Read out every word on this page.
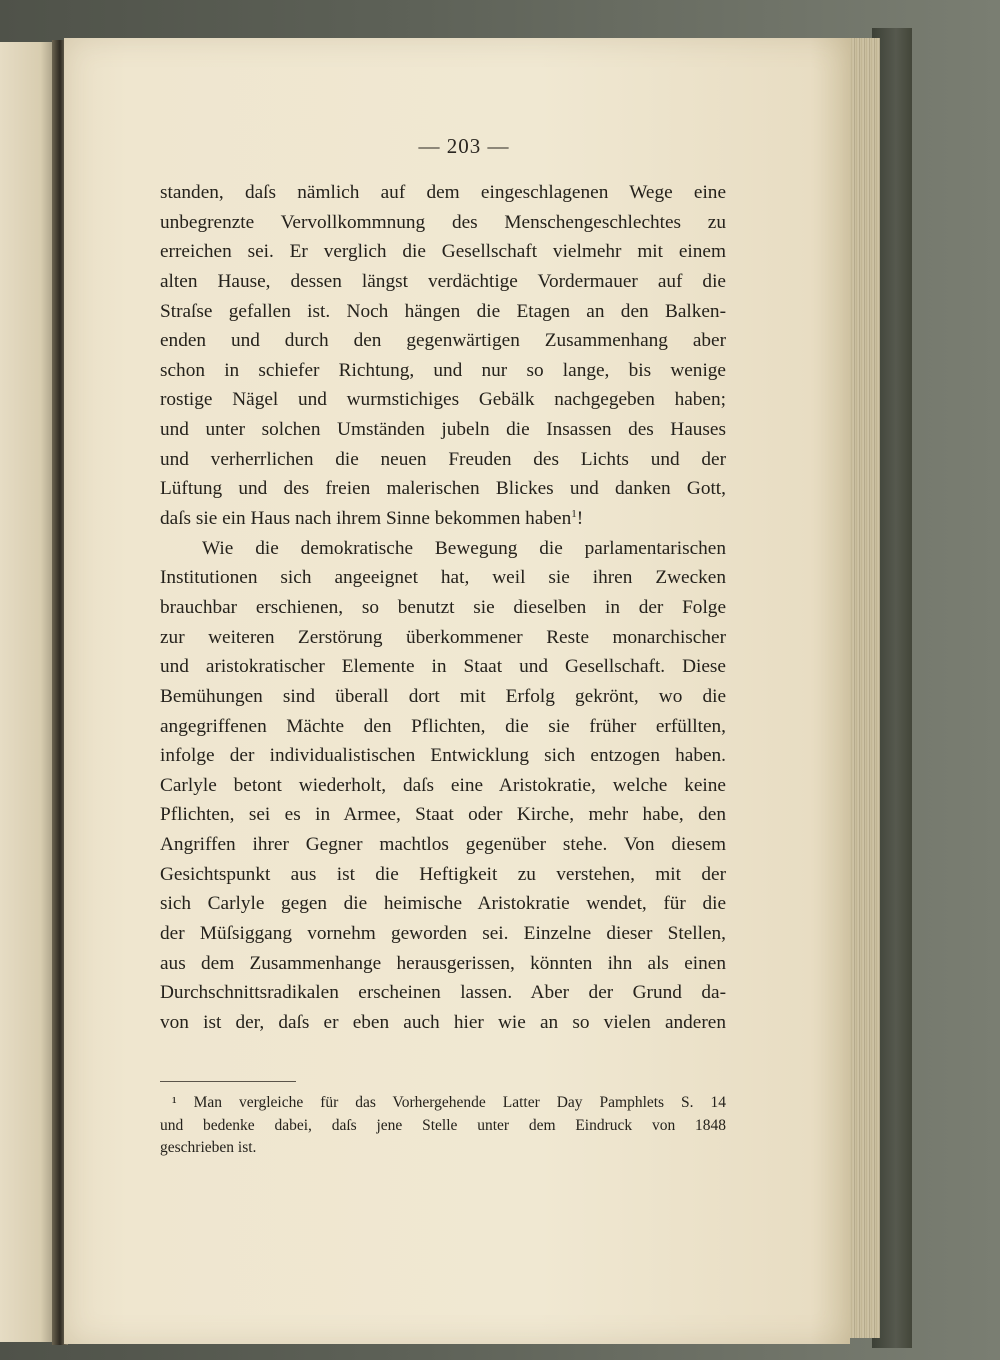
— 203 —
standen, daſs nämlich auf dem eingeschlagenen Wege eine
unbegrenzte Vervollkommnung des Menschengeschlechtes zu
erreichen sei. Er verglich die Gesellschaft vielmehr mit einem
alten Hause, dessen längst verdächtige Vordermauer auf die
Straſse gefallen ist. Noch hängen die Etagen an den Balken-
enden und durch den gegenwärtigen Zusammenhang aber
schon in schiefer Richtung, und nur so lange, bis wenige
rostige Nägel und wurmstichiges Gebälk nachgegeben haben;
und unter solchen Umständen jubeln die Insassen des Hauses
und verherrlichen die neuen Freuden des Lichts und der
Lüftung und des freien malerischen Blickes und danken Gott,
daſs sie ein Haus nach ihrem Sinne bekommen haben$^1$!
Wie die demokratische Bewegung die parlamentarischen
Institutionen sich angeeignet hat, weil sie ihren Zwecken
brauchbar erschienen, so benutzt sie dieselben in der Folge
zur weiteren Zerstörung überkommener Reste monarchischer
und aristokratischer Elemente in Staat und Gesellschaft. Diese
Bemühungen sind überall dort mit Erfolg gekrönt, wo die
angegriffenen Mächte den Pflichten, die sie früher erfüllten,
infolge der individualistischen Entwicklung sich entzogen haben.
Carlyle betont wiederholt, daſs eine Aristokratie, welche keine
Pflichten, sei es in Armee, Staat oder Kirche, mehr habe, den
Angriffen ihrer Gegner machtlos gegenüber stehe. Von diesem
Gesichtspunkt aus ist die Heftigkeit zu verstehen, mit der
sich Carlyle gegen die heimische Aristokratie wendet, für die
der Müſsiggang vornehm geworden sei. Einzelne dieser Stellen,
aus dem Zusammenhange herausgerissen, könnten ihn als einen
Durchschnittsradikalen erscheinen lassen. Aber der Grund da-
von ist der, daſs er eben auch hier wie an so vielen anderen
¹ Man vergleiche für das Vorhergehende Latter Day Pamphlets S. 14
und bedenke dabei, daſs jene Stelle unter dem Eindruck von 1848
geschrieben ist.
